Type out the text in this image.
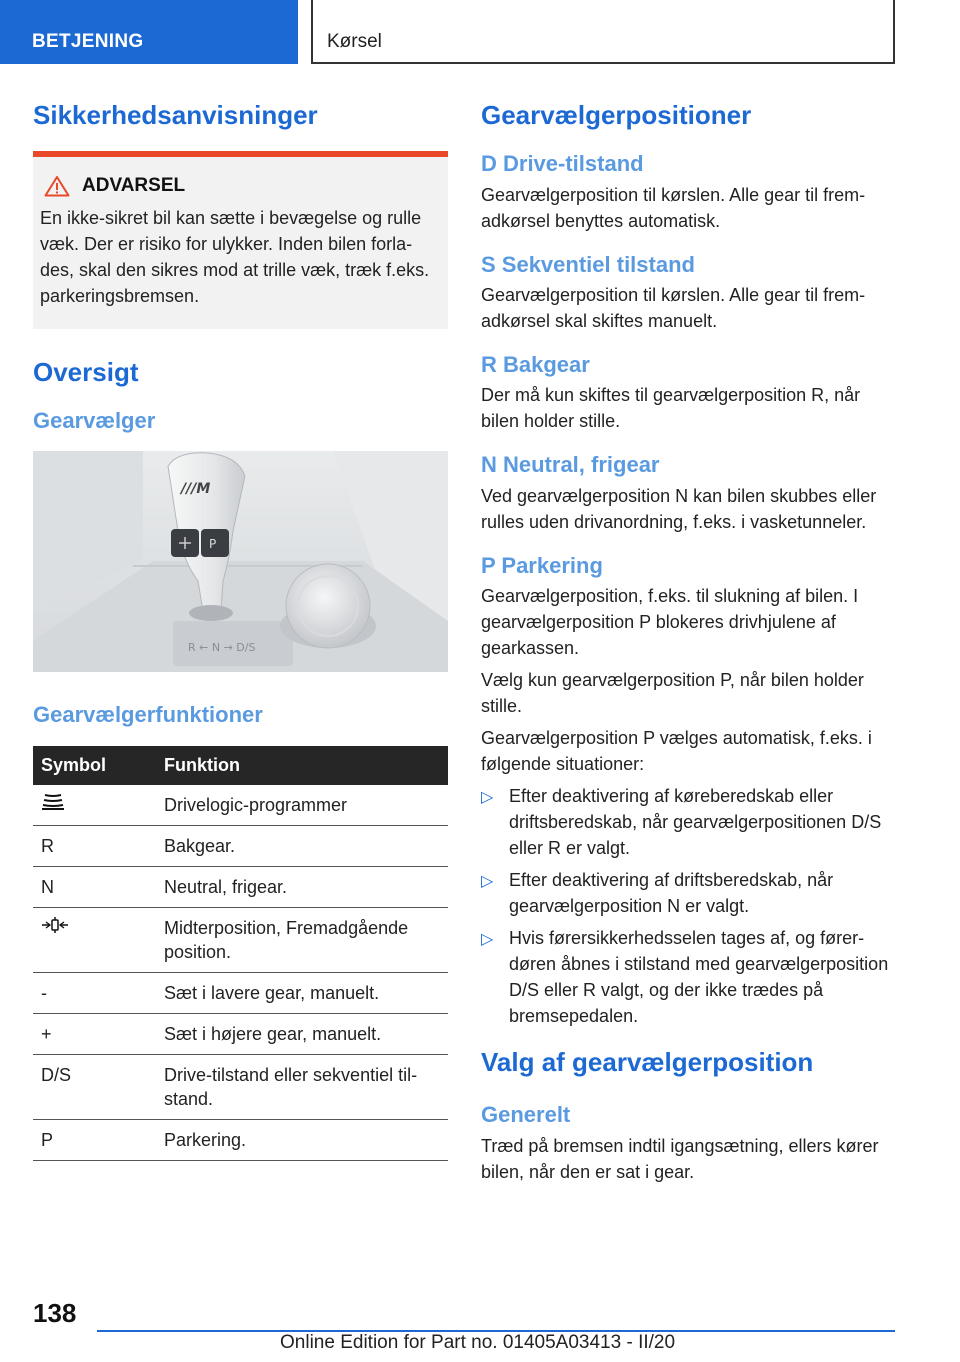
BETJENING	Kørsel
Sikkerhedsanvisninger
ADVARSEL

En ikke-sikret bil kan sætte i bevægelse og rulle væk. Der er risiko for ulykker. Inden bilen forlades, skal den sikres mod at trille væk, træk f.eks. parkeringsbremsen.

Oversigt
Gearvælger
R ← N → D/S
///M
P
Gearvælgerfunktioner
Symbol	Funktion
	Drivelogic-programmer
R	Bakgear.
N	Neutral, frigear.
	Midterposition, Fremadgående position.
-	Sæt i lavere gear, manuelt.
+	Sæt i højere gear, manuelt.
D/S	Drive-tilstand eller sekventiel tilstand.
P	Parkering.
Gearvælgerpositioner
D Drive-tilstand

Gearvælgerposition til kørslen. Alle gear til fremadkørsel benyttes automatisk.

S Sekventiel tilstand

Gearvælgerposition til kørslen. Alle gear til fremadkørsel skal skiftes manuelt.

R Bakgear

Der må kun skiftes til gearvælgerposition R, når bilen holder stille.

N Neutral, frigear

Ved gearvælgerposition N kan bilen skubbes eller rulles uden drivanordning, f.eks. i vasketunneler.

P Parkering

Gearvælgerposition, f.eks. til slukning af bilen. I gearvælgerposition P blokeres drivhjulene af gearkassen.

Vælg kun gearvælgerposition P, når bilen holder stille.

Gearvælgerposition P vælges automatisk, f.eks. i følgende situationer:

▷ Efter deaktivering af køreberedskab eller driftsberedskab, når gearvælgerpositionen D/S eller R er valgt.
▷ Efter deaktivering af driftsberedskab, når gearvælgerposition N er valgt.
▷ Hvis førersikkerhedsselen tages af, og førerdøren åbnes i stilstand med gearvælgerposition D/S eller R valgt, og der ikke trædes på bremsepedalen.
Valg af gearvælgerposition
Generelt

Træd på bremsen indtil igangsætning, ellers kører bilen, når den er sat i gear.

138
Online Edition for Part no. 01405A03413 - II/20
